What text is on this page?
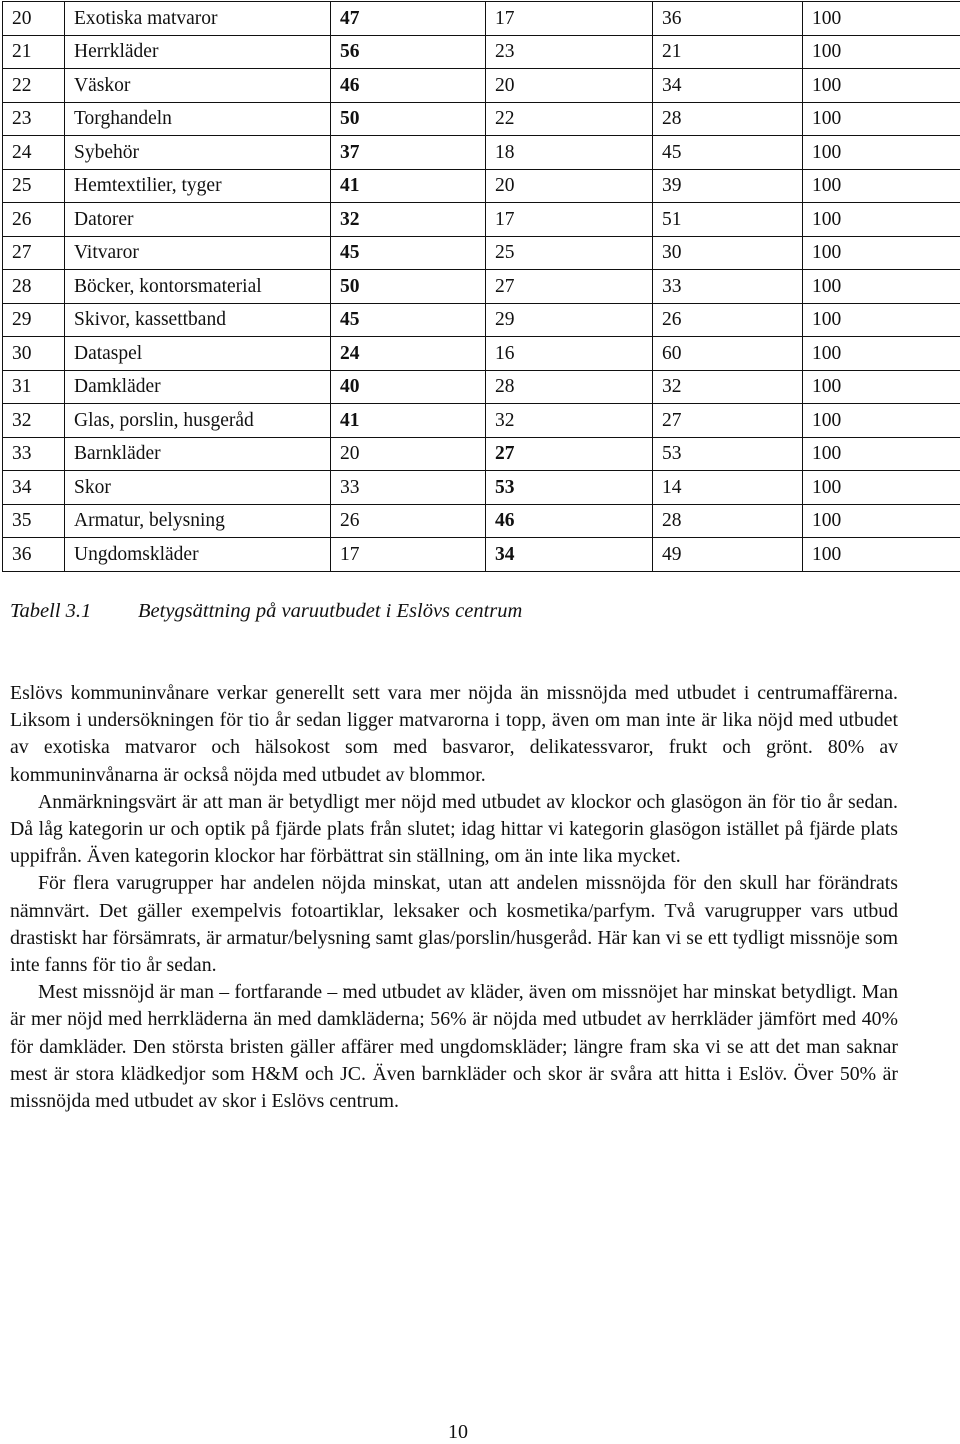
20	Exotiska matvaror	47	17	36	100
21	Herrkläder	56	23	21	100
22	Väskor	46	20	34	100
23	Torghandeln	50	22	28	100
24	Sybehör	37	18	45	100
25	Hemtextilier, tyger	41	20	39	100
26	Datorer	32	17	51	100
27	Vitvaror	45	25	30	100
28	Böcker, kontorsmaterial	50	27	33	100
29	Skivor, kassettband	45	29	26	100
30	Dataspel	24	16	60	100
31	Damkläder	40	28	32	100
32	Glas, porslin, husgeråd	41	32	27	100
33	Barnkläder	20	27	53	100
34	Skor	33	53	14	100
35	Armatur, belysning	26	46	28	100
36	Ungdomskläder	17	34	49	100
Tabell 3.1 Betygsättning på varuutbudet i Eslövs centrum

Eslövs kommuninvånare verkar generellt sett vara mer nöjda än missnöjda med utbudet i centrumaffärerna. Liksom i undersökningen för tio år sedan ligger matvarorna i topp, även om man inte är lika nöjd med utbudet av exotiska matvaror och hälsokost som med basvaror, delikatessvaror, frukt och grönt. 80% av kommuninvånarna är också nöjda med utbudet av blommor.

Anmärkningsvärt är att man är betydligt mer nöjd med utbudet av klockor och glasögon än för tio år sedan. Då låg kategorin ur och optik på fjärde plats från slutet; idag hittar vi kategorin glasögon istället på fjärde plats uppifrån. Även kategorin klockor har förbättrat sin ställning, om än inte lika mycket.

För flera varugrupper har andelen nöjda minskat, utan att andelen missnöjda för den skull har förändrats nämnvärt. Det gäller exempelvis fotoartiklar, leksaker och kosmetika/parfym. Två varugrupper vars utbud drastiskt har försämrats, är armatur/belysning samt glas/porslin/husgeråd. Här kan vi se ett tydligt missnöje som inte fanns för tio år sedan.

Mest missnöjd är man – fortfarande – med utbudet av kläder, även om missnöjet har minskat betydligt. Man är mer nöjd med herrkläderna än med damkläderna; 56% är nöjda med utbudet av herrkläder jämfört med 40% för damkläder. Den största bristen gäller affärer med ungdomskläder; längre fram ska vi se att det man saknar mest är stora klädkedjor som H&M och JC. Även barnkläder och skor är svåra att hitta i Eslöv. Över 50% är missnöjda med utbudet av skor i Eslövs centrum.

10
